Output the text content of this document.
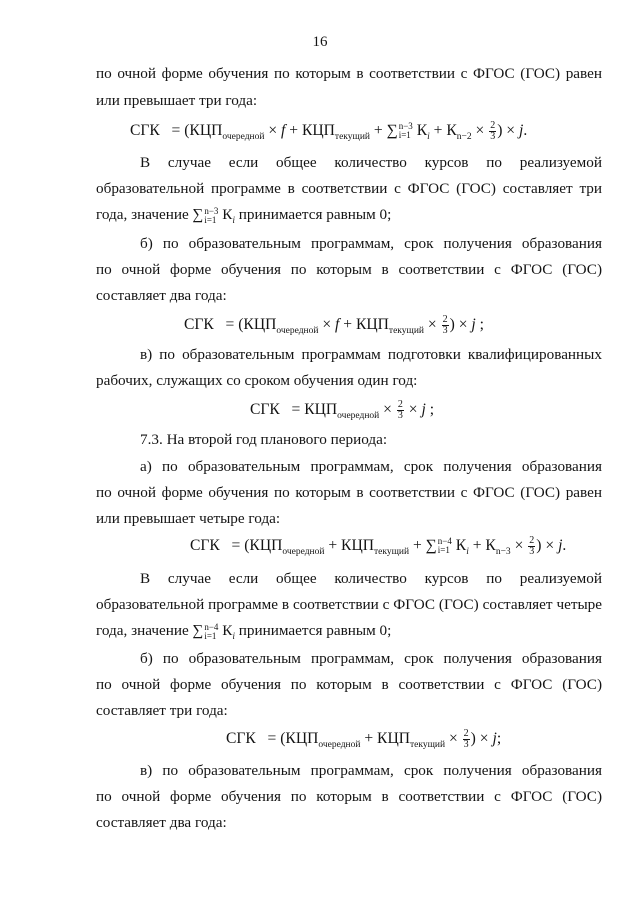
16
по очной форме обучения по которым в соответствии с ФГОС (ГОС) равен
или превышает три года:
СГК = ($КЦП_{очередной} \times f + КЦП_{текущий}$ + ∑ n−3
i=1 $К_i + К_{n-2} \times \frac{2}{3}$ ) × j.
В случае если общее количество курсов по реализуемой
образовательной программе в соответствии с ФГОС (ГОС) составляет три
года, значение ∑ n−3
i=1 $К_i$ принимается равным 0;
б) по образовательным программам, срок получения образования
по очной форме обучения по которым в соответствии с ФГОС (ГОС)
составляет два года:
СГК = ($КЦП_{очередной} \times f + КЦП_{текущий} \times \frac{2}{3}$ ) × j ;
в) по образовательным программам подготовки квалифицированных
рабочих, служащих со сроком обучения один год:
СГК = $КЦП_{очередной} \times \frac{2}{3} \times j$ ;
7.3. На второй год планового периода:
а) по образовательным программам, срок получения образования
по очной форме обучения по которым в соответствии с ФГОС (ГОС) равен
или превышает четыре года:
СГК = ($КЦП_{очередной} + КЦП_{текущий}$ + ∑ n−4
i=1 $К_i + К_{n-3} \times \frac{2}{3}$ ) × j.
В случае если общее количество курсов по реализуемой
образовательной программе в соответствии с ФГОС (ГОС) составляет четыре
года, значение ∑ n−4
i=1 $К_i$ принимается равным 0;
б) по образовательным программам, срок получения образования
по очной форме обучения по которым в соответствии с ФГОС (ГОС)
составляет три года:
СГК = ($КЦП_{очередной} + КЦП_{текущий} \times \frac{2}{3}$ ) × j;
в) по образовательным программам, срок получения образования
по очной форме обучения по которым в соответствии с ФГОС (ГОС)
составляет два года:
